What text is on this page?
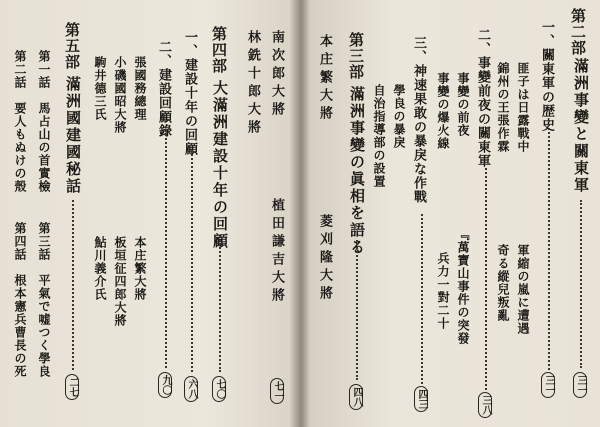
第二部
滿洲事變と關東軍
三一
一、關東軍の歴史
三一
匪子は日露戰中
錦州の王張作霖
軍縮の嵐に遭遇
奇る縱兒叛亂
二、事變前夜の關東軍
三八
事變の前夜
事變の爆火線
『萬寶山事件の突發
兵力一對二十
三、神速果敢の暴戾な作戰
四三
學良の暴戾
自治指導部の設置
第三部
滿洲事變の眞相を語る
四八
本庄繁大將
菱刈隆大將
南次郎大將
林銑十郎大將
植田謙吉大將
七一
第四部
大滿洲建設十年の回顧
七〇
一、建設十年の回顧
六八
二、建設回顧錄
九〇
張國務總理
小磯國昭大將
駒井德三氏
本庄繁大將
板垣征四郎大將
鮎川義介氏
第五部
滿洲國建國秘話
二七
第一話　馬占山の首實檢
第二話　要人もぬけの殼
第三話　平氣で嘘つく學良
第四話　根本憲兵曹長の死
